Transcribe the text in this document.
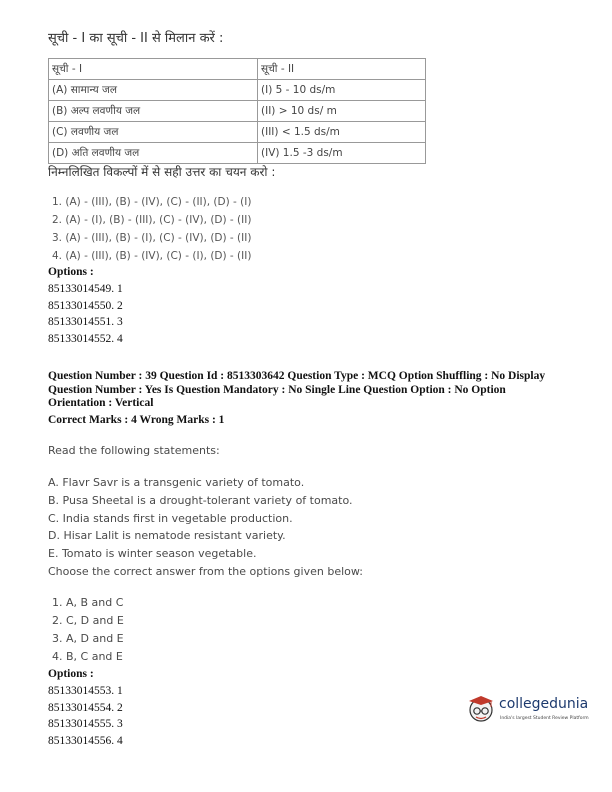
सूची - I का सूची - II से मिलान करें :
सूची - I	सूची - II
(A) सामान्य जल	(I) 5 - 10 ds/m
(B) अल्प लवणीय जल	(II) > 10 ds/ m
(C) लवणीय जल	(III) < 1.5 ds/m
(D) अति लवणीय जल	(IV) 1.5 -3 ds/m
निम्नलिखित विकल्पों में से सही उत्तर का चयन करो :
1. (A) - (III), (B) - (IV), (C) - (II), (D) - (I)
2. (A) - (I), (B) - (III), (C) - (IV), (D) - (II)
3. (A) - (III), (B) - (I), (C) - (IV), (D) - (II)
4. (A) - (III), (B) - (IV), (C) - (I), (D) - (II)
Options :
85133014549. 1
85133014550. 2
85133014551. 3
85133014552. 4
Question Number : 39 Question Id : 8513303642 Question Type : MCQ Option Shuffling : No Display
Question Number : Yes Is Question Mandatory : No Single Line Question Option : No Option
Orientation : Vertical
Correct Marks : 4 Wrong Marks : 1
Read the following statements:
A. Flavr Savr is a transgenic variety of tomato.
B. Pusa Sheetal is a drought-tolerant variety of tomato.
C. India stands first in vegetable production.
D. Hisar Lalit is nematode resistant variety.
E. Tomato is winter season vegetable.
Choose the correct answer from the options given below:
1. A, B and C
2. C, D and E
3. A, D and E
4. B, C and E
Options :
85133014553. 1
85133014554. 2
85133014555. 3
85133014556. 4
collegedunia
India's largest Student Review Platform
